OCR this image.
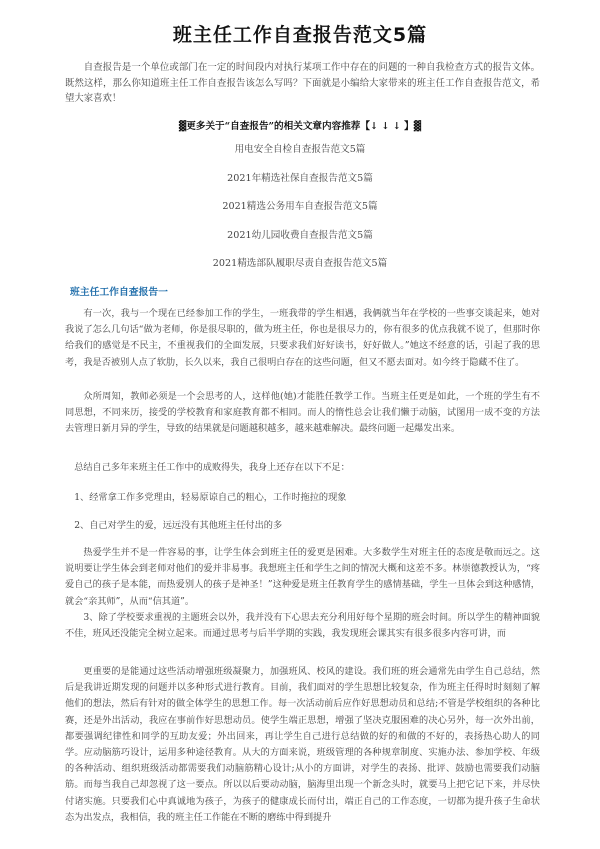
班主任工作自查报告范文5篇

自查报告是一个单位或部门在一定的时间段内对执行某项工作中存在的问题的一种自我检查方式的报告文体。既然这样，那么你知道班主任工作自查报告该怎么写吗？下面就是小编给大家带来的班主任工作自查报告范文，希望大家喜欢！

▓更多关于“自查报告”的相关文章内容推荐【↓ ↓ ↓ 】▓
用电安全自检自查报告范文5篇
2021年精选社保自查报告范文5篇
2021精选公务用车自查报告范文5篇
2021幼儿园收费自查报告范文5篇
2021精选部队履职尽责自查报告范文5篇
班主任工作自查报告一

有一次，我与一个现在已经参加工作的学生，一班我带的学生相遇，我俩就当年在学校的一些事交谈起来，她对我说了怎么几句话“做为老师，你是很尽职的，做为班主任，你也是很尽力的，你有很多的优点我就不说了，但那时你给我们的感觉是不民主，不重视我们的全面发展，只要求我们好好读书，好好做人。”她这不经意的话，引起了我的思考，我是否被别人点了软肋，长久以来，我自己很明白存在的这些问题，但又不愿去面对。如今终于隐藏不住了。

众所周知，教师必须是一个会思考的人，这样他(她)才能胜任教学工作。当班主任更是如此，一个班的学生有不同思想，不同来历，接受的学校教育和家庭教育都不相同。而人的惰性总会让我们懒于动脑，试图用一成不变的方法去管理日新月异的学生，导致的结果就是问题越积越多，越来越难解决。最终问题一起爆发出来。

总结自己多年来班主任工作中的成败得失，我身上还存在以下不足：

1、经常拿工作多党理由，轻易原谅自己的粗心，工作时拖拉的现象

2、自己对学生的爱，远远没有其他班主任付出的多

热爱学生并不是一件容易的事，让学生体会到班主任的爱更是困难。大多数学生对班主任的态度是敬而远之。这说明要让学生体会到老师对他们的爱并非易事。我想班主任和学生之间的情况大概和这差不多。林崇德教授认为，“疼爱自己的孩子是本能，而热爱别人的孩子是神圣！”这种爱是班主任教育学生的感情基础，学生一旦体会到这种感情，就会“亲其师”，从而“信其道”。

3、除了学校要求重视的主题班会以外，我并没有下心思去充分利用好每个星期的班会时间。所以学生的精神面貌不佳，班风还没能完全树立起来。而通过思考与后半学期的实践，我发现班会课其实有很多很多内容可讲，而

更重要的是能通过这些活动增强班级凝聚力，加强班风、校风的建设。我们班的班会通常先由学生自己总结，然后是我讲近期发现的问题并以多种形式进行教育。目前，我们面对的学生思想比较复杂，作为班主任得时时刻刻了解他们的想法，然后有针对的做全体学生的思想工作。每一次活动前后应作好思想动员和总结;不管是学校组织的各种比赛，还是外出活动，我应在事前作好思想动员。使学生端正思想，增强了坚决克服困难的决心另外，每一次外出前，都要强调纪律性和同学的互助友爱；外出回来，再让学生自己进行总结做的好的和做的不好的，表扬热心助人的同学。应动脑筋巧设计，运用多种途径教育。从大的方面来说，班级管理的各种规章制度、实施办法、参加学校、年级的各种活动、组织班级活动都需要我们动脑筋精心设计;从小的方面讲，对学生的表扬、批评、鼓励也需要我们动脑筋。而每当我自己却忽视了这一要点。所以以后要动动脑，脑海里出现一个新念头时，就要马上把它记下来，并尽快付诸实施。只要我们心中真诚地为孩子，为孩子的健康成长而付出，端正自己的工作态度，一切都为提升孩子生命状态为出发点，我相信，我的班主任工作能在不断的磨练中得到提升
